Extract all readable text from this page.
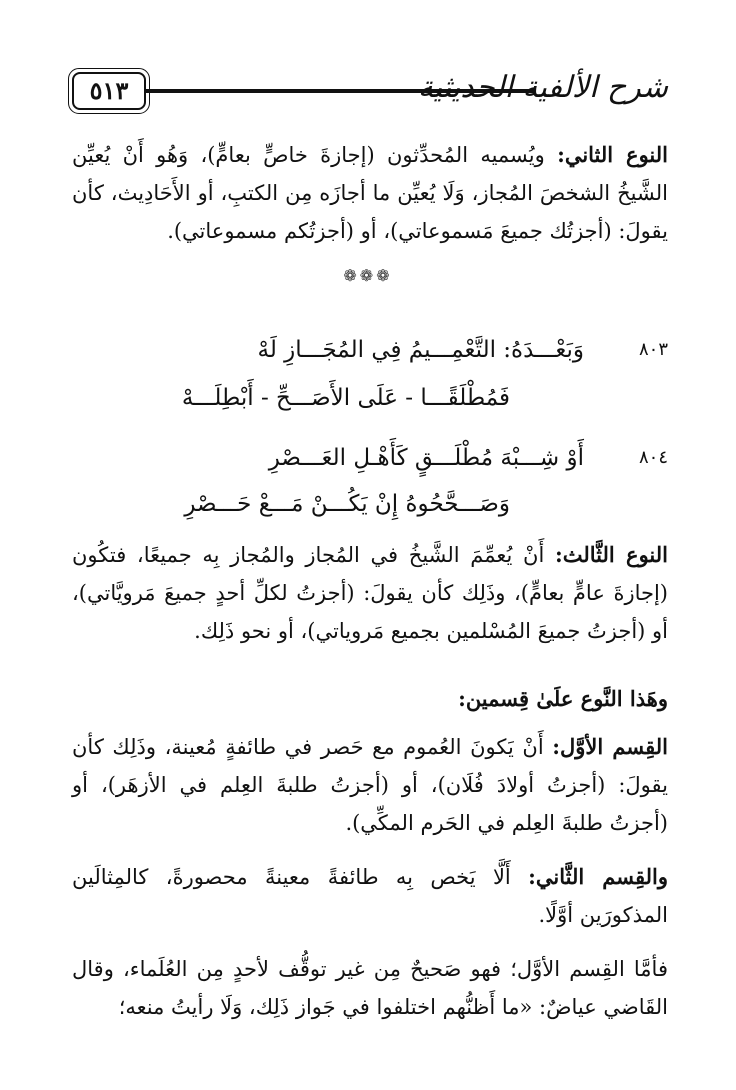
٥١٣	شرح الألفية الحديثية

النوع الثاني: ويُسميه المُحدِّثون (إجازةَ خاصٍّ بعامٍّ)، وَهُو أَنْ يُعيِّن الشَّيخُ الشخصَ المُجاز، وَلَا يُعيِّن ما أجازَه مِن الكتبِ، أو الأَحَادِيث، كأن يقولَ: (أجزتُك جميعَ مَسموعاتي)، أو (أجزتُكم مسموعاتي).

❁❁❁
٨٠٣
وَبَعْـــدَهُ: التَّعْمِـــيمُ فِي المُجَـــازِ لَهْ
فَمُطْلَقًـــا - عَلَى الأَصَـــحِّ - أَبْطِلَـــهْ
٨٠٤
أَوْ شِـــبْهَ مُطْلَـــقٍ كَأَهْـلِ العَـــصْرِ
وَصَـــحَّحُوهُ إِنْ يَكُـــنْ مَـــعْ حَـــصْرِ

النوع الثَّالث: أَنْ يُعمِّمَ الشَّيخُ في المُجاز والمُجاز بِه جميعًا، فتكُون (إجازةَ عامٍّ بعامٍّ)، وذَلِك كأن يقولَ: (أجزتُ لكلِّ أحدٍ جميعَ مَرويَّاتي)، أو (أجزتُ جميعَ المُسْلمين بجميع مَروياتي)، أو نحو ذَلِك.

وهَذا النَّوع علَىٰ قِسمين:

القِسم الأوَّل: أَنْ يَكونَ العُموم مع حَصر في طائفةٍ مُعينة، وذَلِك كأن يقولَ: (أجزتُ أولادَ فُلَان)، أو (أجزتُ طلبةَ العِلم في الأزهَر)، أو (أجزتُ طلبةَ العِلم في الحَرم المكِّي).

والقِسم الثَّاني: أَلَّا يَخص بِه طائفةً معينةً محصورةً، كالمِثالَين المذكورَين أوَّلًا.

فأمَّا القِسم الأوَّل؛ فهو صَحيحٌ مِن غير توقُّف لأحدٍ مِن العُلَماء، وقال القَاضي عياضٌ: «ما أَظنُّهم اختلفوا في جَواز ذَلِك، وَلَا رأيتُ منعه؛
